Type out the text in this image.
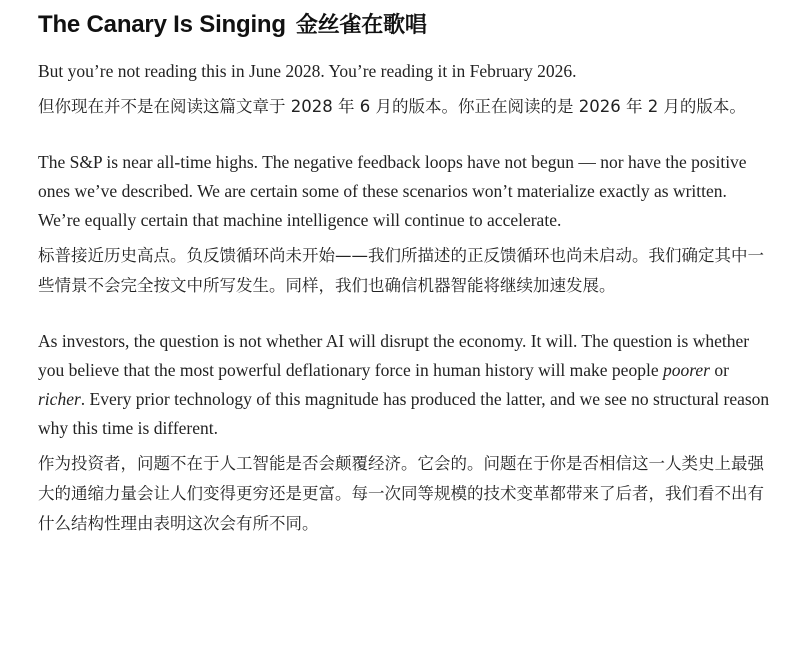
The Canary Is Singing 金丝雀在歌唱

But you’re not reading this in June 2028. You’re reading it in February 2026.

但你现在并不是在阅读这篇文章于 2028 年 6 月的版本。你正在阅读的是 2026 年 2 月的版本。

The S&P is near all-time highs. The negative feedback loops have not begun — nor have the positive ones we’ve described. We are certain some of these scenarios won’t materialize exactly as written. We’re equally certain that machine intelligence will continue to accelerate.

标普接近历史高点。负反馈循环尚未开始——我们所描述的正反馈循环也尚未启动。我们确定其中一些情景不会完全按文中所写发生。同样，我们也确信机器智能将继续加速发展。

As investors, the question is not whether AI will disrupt the economy. It will. The question is whether you believe that the most powerful deflationary force in human history will make people poorer or richer. Every prior technology of this magnitude has produced the latter, and we see no structural reason why this time is different.

作为投资者，问题不在于人工智能是否会颠覆经济。它会的。问题在于你是否相信这一人类史上最强大的通缩力量会让人们变得更穷还是更富。每一次同等规模的技术变革都带来了后者，我们看不出有什么结构性理由表明这次会有所不同。
